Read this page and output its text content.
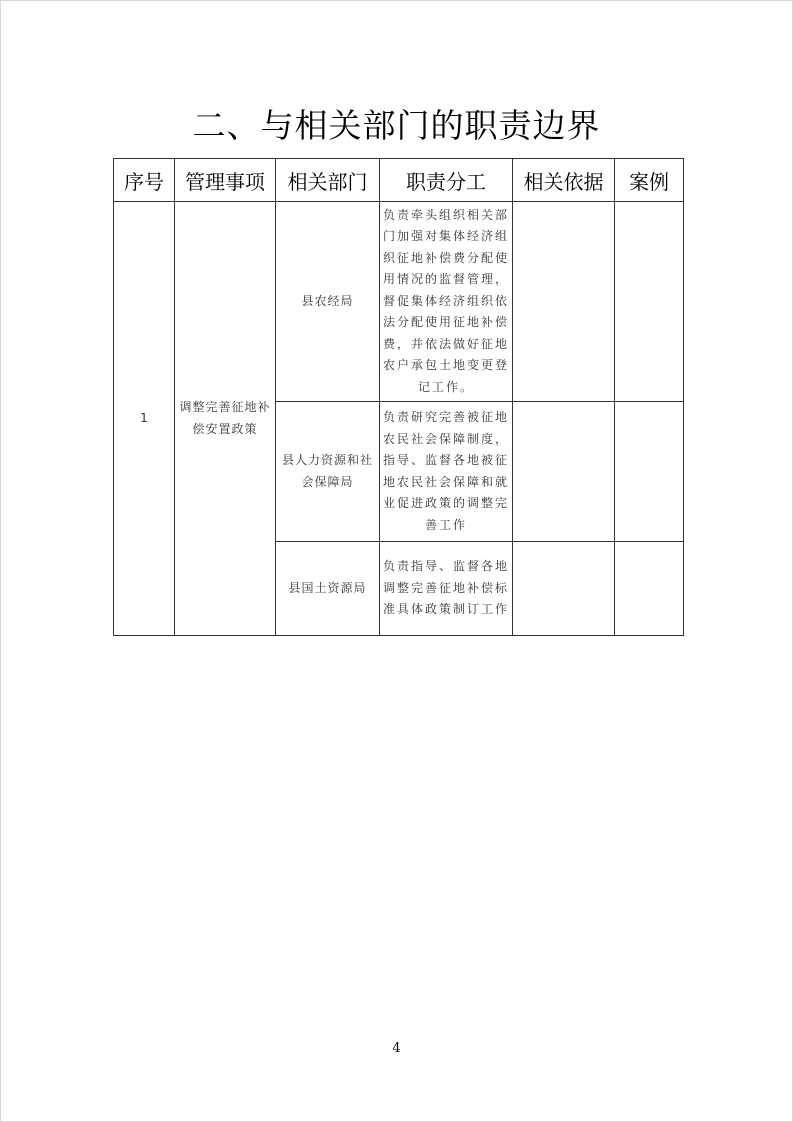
二、与相关部门的职责边界
序号	管理事项	相关部门	职责分工	相关依据	案例
1	调整完善征地补偿安置政策	县农经局	负责牵头组织相关部门加强对集体经济组织征地补偿费分配使用情况的监督管理，督促集体经济组织依法分配使用征地补偿费，并依法做好征地农户承包土地变更登记工作。		

		县人力资源和社会保障局	负责研究完善被征地农民社会保障制度，指导、监督各地被征地农民社会保障和就业促进政策的调整完善工作		

		县国土资源局	负责指导、监督各地调整完善征地补偿标准具体政策制订工作		
4
